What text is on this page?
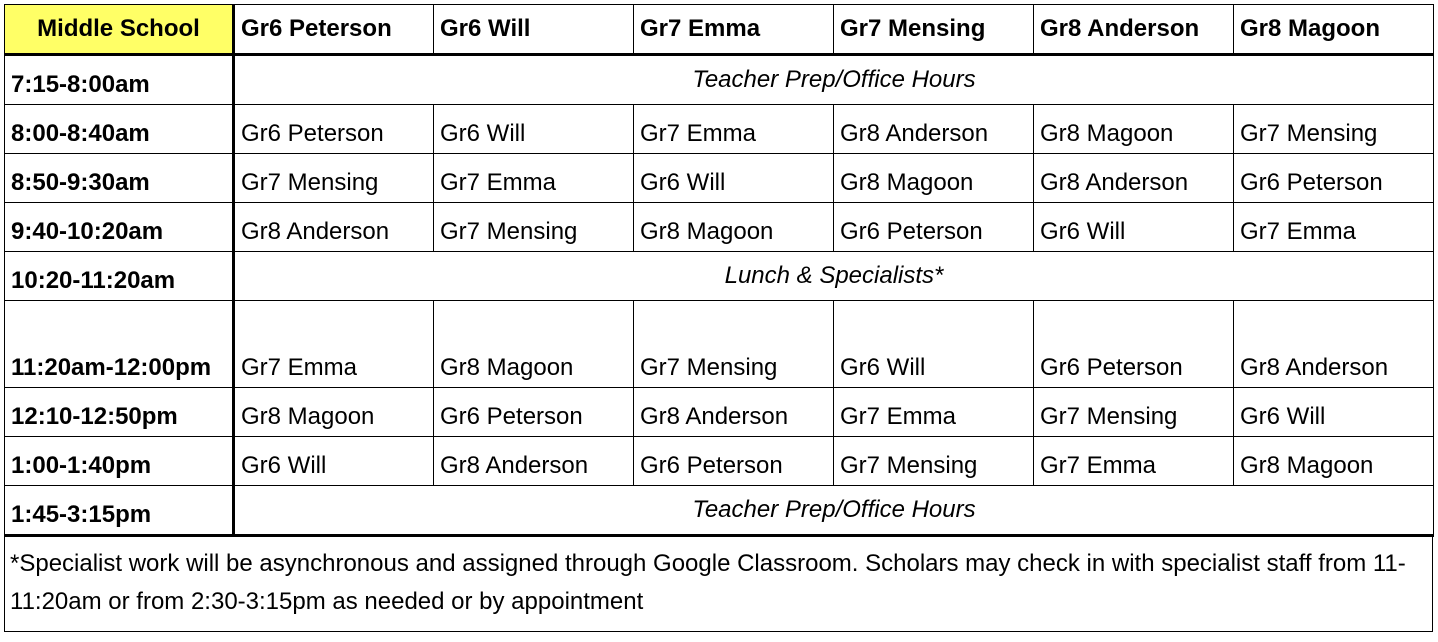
Middle School	Gr6 Peterson	Gr6 Will	Gr7 Emma	Gr7 Mensing	Gr8 Anderson	Gr8 Magoon
7:15-8:00am	Teacher Prep/Office Hours					
8:00-8:40am	Gr6 Peterson	Gr6 Will	Gr7 Emma	Gr8 Anderson	Gr8 Magoon	Gr7 Mensing
8:50-9:30am	Gr7 Mensing	Gr7 Emma	Gr6 Will	Gr8 Magoon	Gr8 Anderson	Gr6 Peterson
9:40-10:20am	Gr8 Anderson	Gr7 Mensing	Gr8 Magoon	Gr6 Peterson	Gr6 Will	Gr7 Emma
10:20-11:20am	Lunch & Specialists*					
11:20am-12:00pm	Gr7 Emma	Gr8 Magoon	Gr7 Mensing	Gr6 Will	Gr6 Peterson	Gr8 Anderson
12:10-12:50pm	Gr8 Magoon	Gr6 Peterson	Gr8 Anderson	Gr7 Emma	Gr7 Mensing	Gr6 Will
1:00-1:40pm	Gr6 Will	Gr8 Anderson	Gr6 Peterson	Gr7 Mensing	Gr7 Emma	Gr8 Magoon
1:45-3:15pm	Teacher Prep/Office Hours					
*Specialist work will be asynchronous and assigned through Google Classroom. Scholars may check in with specialist staff from 11-11:20am or from 2:30-3:15pm as needed or by appointment
